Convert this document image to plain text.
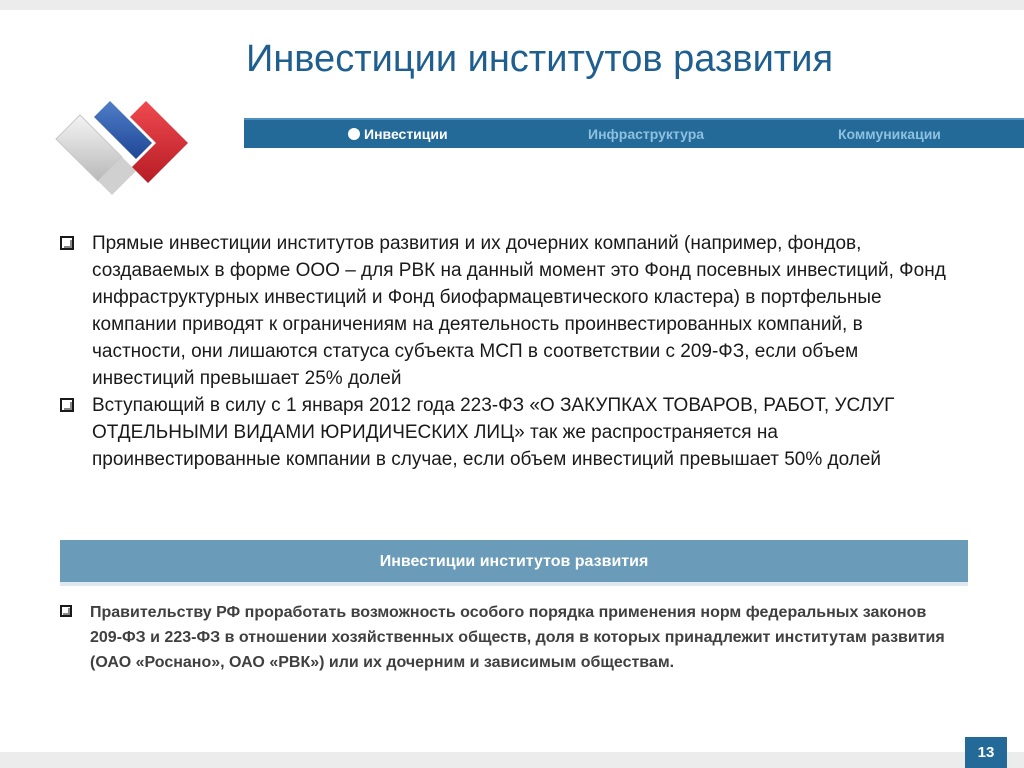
Инвестиции институтов развития
Инвестиции	Инфраструктура	Коммуникации
Прямые инвестиции институтов развития и их дочерних компаний (например, фондов, создаваемых в форме ООО – для РВК на данный момент это Фонд посевных инвестиций, Фонд инфраструктурных инвестиций и Фонд биофармацевтического кластера) в портфельные компании приводят к ограничениям на деятельность проинвестированных компаний, в частности, они лишаются статуса субъекта МСП в соответствии с 209-ФЗ, если объем инвестиций превышает 25% долей
Вступающий в силу с 1 января 2012 года 223-ФЗ «О ЗАКУПКАХ ТОВАРОВ, РАБОТ, УСЛУГ ОТДЕЛЬНЫМИ ВИДАМИ ЮРИДИЧЕСКИХ ЛИЦ» так же распространяется на проинвестированные компании в случае, если объем инвестиций превышает 50% долей
Инвестиции институтов развития
Правительству РФ проработать возможность особого порядка применения норм федеральных законов 209-ФЗ и 223-ФЗ в отношении хозяйственных обществ, доля в которых принадлежит институтам развития (ОАО «Роснано», ОАО «РВК») или их дочерним и зависимым обществам.
13
